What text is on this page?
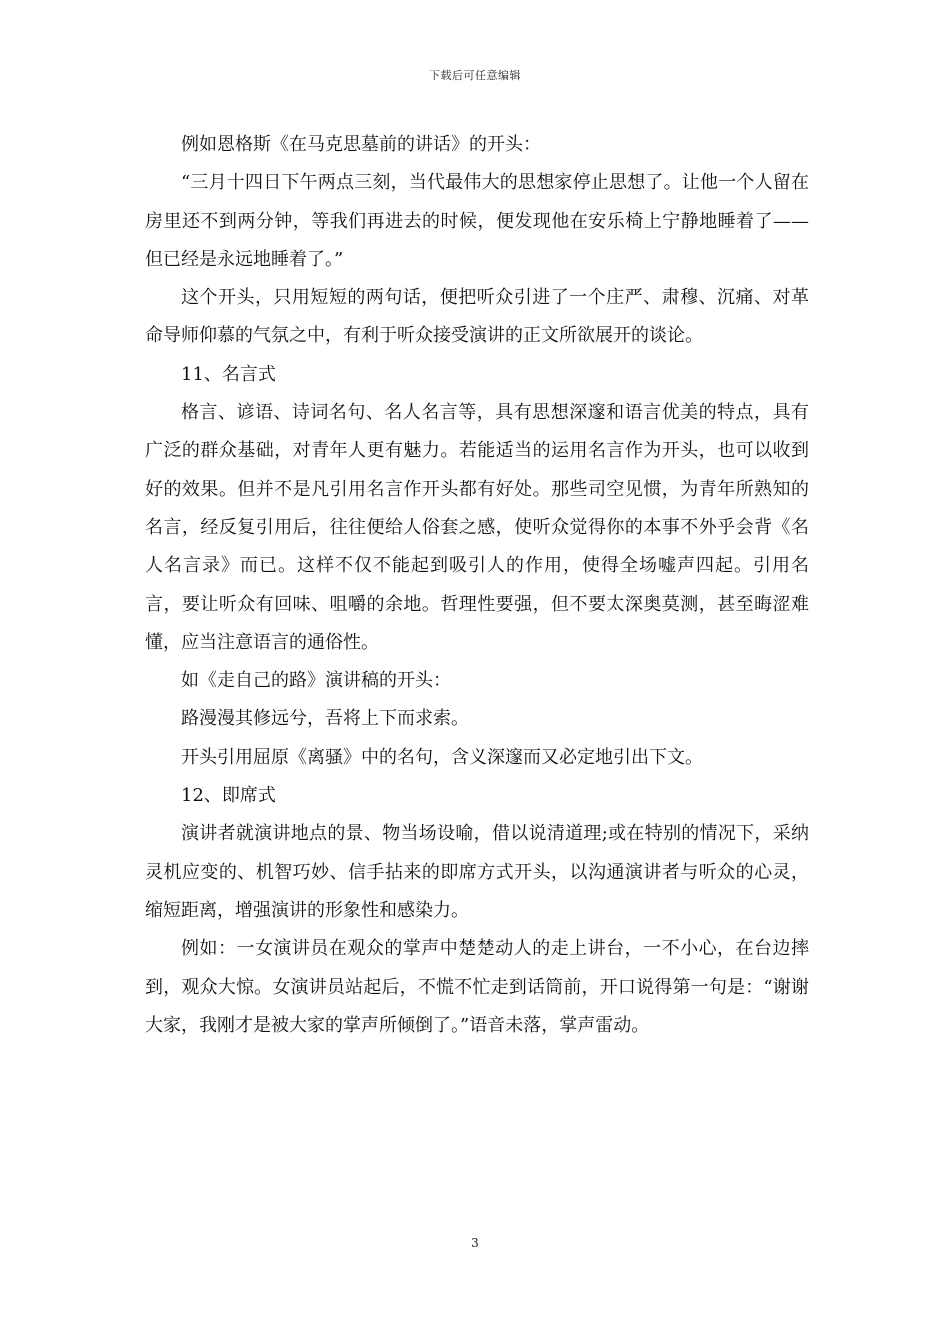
下载后可任意编辑

例如恩格斯《在马克思墓前的讲话》的开头：

“三月十四日下午两点三刻，当代最伟大的思想家停止思想了。让他一个人留在房里还不到两分钟，等我们再进去的时候，便发现他在安乐椅上宁静地睡着了——但已经是永远地睡着了。”

这个开头，只用短短的两句话，便把听众引进了一个庄严、肃穆、沉痛、对革命导师仰慕的气氛之中，有利于听众接受演讲的正文所欲展开的谈论。

11、名言式

格言、谚语、诗词名句、名人名言等，具有思想深邃和语言优美的特点，具有广泛的群众基础，对青年人更有魅力。若能适当的运用名言作为开头，也可以收到好的效果。但并不是凡引用名言作开头都有好处。那些司空见惯，为青年所熟知的名言，经反复引用后，往往便给人俗套之感，使听众觉得你的本事不外乎会背《名人名言录》而已。这样不仅不能起到吸引人的作用，使得全场嘘声四起。引用名言，要让听众有回味、咀嚼的余地。哲理性要强，但不要太深奥莫测，甚至晦涩难懂，应当注意语言的通俗性。

如《走自己的路》演讲稿的开头：

路漫漫其修远兮，吾将上下而求索。

开头引用屈原《离骚》中的名句，含义深邃而又必定地引出下文。

12、即席式

演讲者就演讲地点的景、物当场设喻，借以说清道理;或在特别的情况下，采纳灵机应变的、机智巧妙、信手拈来的即席方式开头，以沟通演讲者与听众的心灵，缩短距离，增强演讲的形象性和感染力。

例如：一女演讲员在观众的掌声中楚楚动人的走上讲台，一不小心，在台边摔到，观众大惊。女演讲员站起后，不慌不忙走到话筒前，开口说得第一句是：“谢谢大家，我刚才是被大家的掌声所倾倒了。”语音未落，掌声雷动。

3
